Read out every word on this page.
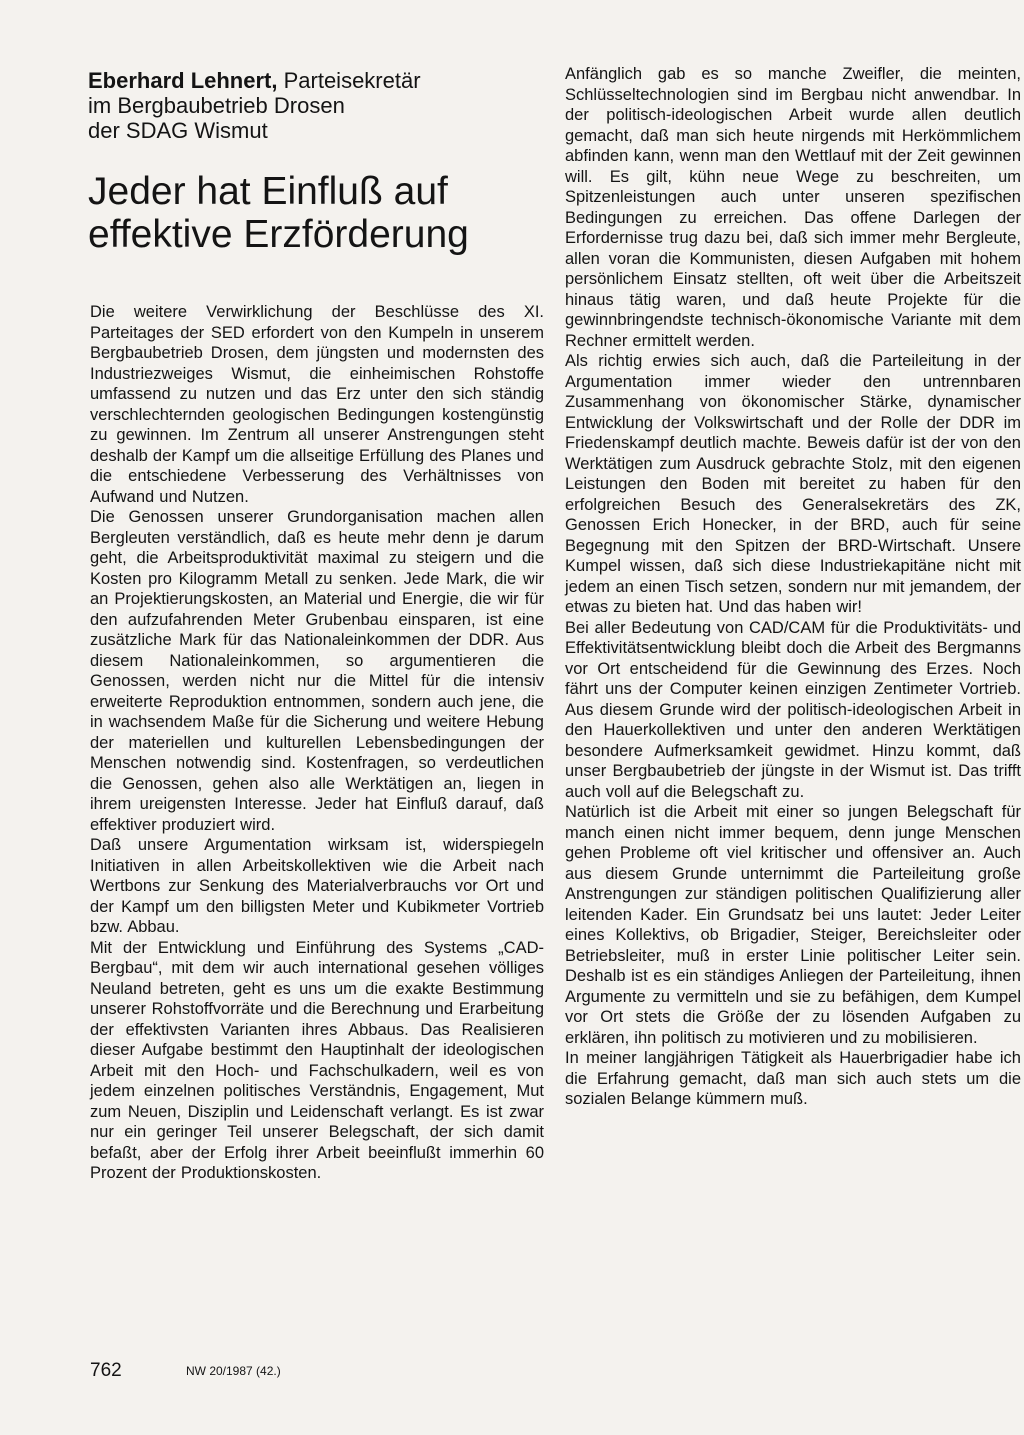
Eberhard Lehnert, Parteisekretär
im Bergbaubetrieb Drosen
der SDAG Wismut
Jeder hat Einfluß auf
effektive Erzförderung

Die weitere Verwirklichung der Beschlüsse des XI. Parteitages der SED erfordert von den Kumpeln in unserem Bergbaubetrieb Drosen, dem jüngsten und modernsten des Industriezweiges Wismut, die einheimischen Rohstoffe umfassend zu nutzen und das Erz unter den sich ständig verschlechternden geologischen Bedingungen kostengünstig zu gewinnen. Im Zentrum all unserer Anstrengungen steht deshalb der Kampf um die allseitige Erfüllung des Planes und die entschiedene Verbesserung des Verhältnisses von Aufwand und Nutzen.

Die Genossen unserer Grundorganisation machen allen Bergleuten verständlich, daß es heute mehr denn je darum geht, die Arbeitsproduktivität maximal zu steigern und die Kosten pro Kilogramm Metall zu senken. Jede Mark, die wir an Projektierungskosten, an Material und Energie, die wir für den aufzufahrenden Meter Grubenbau einsparen, ist eine zusätzliche Mark für das Nationaleinkommen der DDR. Aus diesem Nationaleinkommen, so argumentieren die Genossen, werden nicht nur die Mittel für die intensiv erweiterte Reproduktion entnommen, sondern auch jene, die in wachsendem Maße für die Sicherung und weitere Hebung der materiellen und kulturellen Lebensbedingungen der Menschen notwendig sind. Kostenfragen, so verdeutlichen die Genossen, gehen also alle Werktätigen an, liegen in ihrem ureigensten Interesse. Jeder hat Einfluß darauf, daß effektiver produziert wird.

Daß unsere Argumentation wirksam ist, widerspiegeln Initiativen in allen Arbeitskollektiven wie die Arbeit nach Wertbons zur Senkung des Materialverbrauchs vor Ort und der Kampf um den billigsten Meter und Kubikmeter Vortrieb bzw. Abbau.

Mit der Entwicklung und Einführung des Systems „CAD-Bergbau“, mit dem wir auch international gesehen völliges Neuland betreten, geht es uns um die exakte Bestimmung unserer Rohstoffvorräte und die Berechnung und Erarbeitung der effektivsten Varianten ihres Abbaus. Das Realisieren dieser Aufgabe bestimmt den Hauptinhalt der ideologischen Arbeit mit den Hoch- und Fachschulkadern, weil es von jedem einzelnen politisches Verständnis, Engagement, Mut zum Neuen, Disziplin und Leidenschaft verlangt. Es ist zwar nur ein geringer Teil unserer Belegschaft, der sich damit befaßt, aber der Erfolg ihrer Arbeit beeinflußt immerhin 60 Prozent der Produktionskosten.

Anfänglich gab es so manche Zweifler, die meinten, Schlüsseltechnologien sind im Bergbau nicht anwendbar. In der politisch-ideologischen Arbeit wurde allen deutlich gemacht, daß man sich heute nirgends mit Herkömmlichem abfinden kann, wenn man den Wettlauf mit der Zeit gewinnen will. Es gilt, kühn neue Wege zu beschreiten, um Spitzenleistungen auch unter unseren spezifischen Bedingungen zu erreichen. Das offene Darlegen der Erfordernisse trug dazu bei, daß sich immer mehr Bergleute, allen voran die Kommunisten, diesen Aufgaben mit hohem persönlichem Einsatz stellten, oft weit über die Arbeitszeit hinaus tätig waren, und daß heute Projekte für die gewinnbringendste technisch-ökonomische Variante mit dem Rechner ermittelt werden.

Als richtig erwies sich auch, daß die Parteileitung in der Argumentation immer wieder den untrennbaren Zusammenhang von ökonomischer Stärke, dynamischer Entwicklung der Volkswirtschaft und der Rolle der DDR im Friedenskampf deutlich machte. Beweis dafür ist der von den Werktätigen zum Ausdruck gebrachte Stolz, mit den eigenen Leistungen den Boden mit bereitet zu haben für den erfolgreichen Besuch des Generalsekretärs des ZK, Genossen Erich Honecker, in der BRD, auch für seine Begegnung mit den Spitzen der BRD-Wirtschaft. Unsere Kumpel wissen, daß sich diese Industriekapitäne nicht mit jedem an einen Tisch setzen, sondern nur mit jemandem, der etwas zu bieten hat. Und das haben wir!

Bei aller Bedeutung von CAD/CAM für die Produktivitäts- und Effektivitätsentwicklung bleibt doch die Arbeit des Bergmanns vor Ort entscheidend für die Gewinnung des Erzes. Noch fährt uns der Computer keinen einzigen Zentimeter Vortrieb. Aus diesem Grunde wird der politisch-ideologischen Arbeit in den Hauerkollektiven und unter den anderen Werktätigen besondere Aufmerksamkeit gewidmet. Hinzu kommt, daß unser Bergbaubetrieb der jüngste in der Wismut ist. Das trifft auch voll auf die Belegschaft zu.

Natürlich ist die Arbeit mit einer so jungen Belegschaft für manch einen nicht immer bequem, denn junge Menschen gehen Probleme oft viel kritischer und offensiver an. Auch aus diesem Grunde unternimmt die Parteileitung große Anstrengungen zur ständigen politischen Qualifizierung aller leitenden Kader. Ein Grundsatz bei uns lautet: Jeder Leiter eines Kollektivs, ob Brigadier, Steiger, Bereichsleiter oder Betriebsleiter, muß in erster Linie politischer Leiter sein. Deshalb ist es ein ständiges Anliegen der Parteileitung, ihnen Argumente zu vermitteln und sie zu befähigen, dem Kumpel vor Ort stets die Größe der zu lösenden Aufgaben zu erklären, ihn politisch zu motivieren und zu mobilisieren.

In meiner langjährigen Tätigkeit als Hauerbrigadier habe ich die Erfahrung gemacht, daß man sich auch stets um die sozialen Belange kümmern muß.

762	NW 20/1987 (42.)
